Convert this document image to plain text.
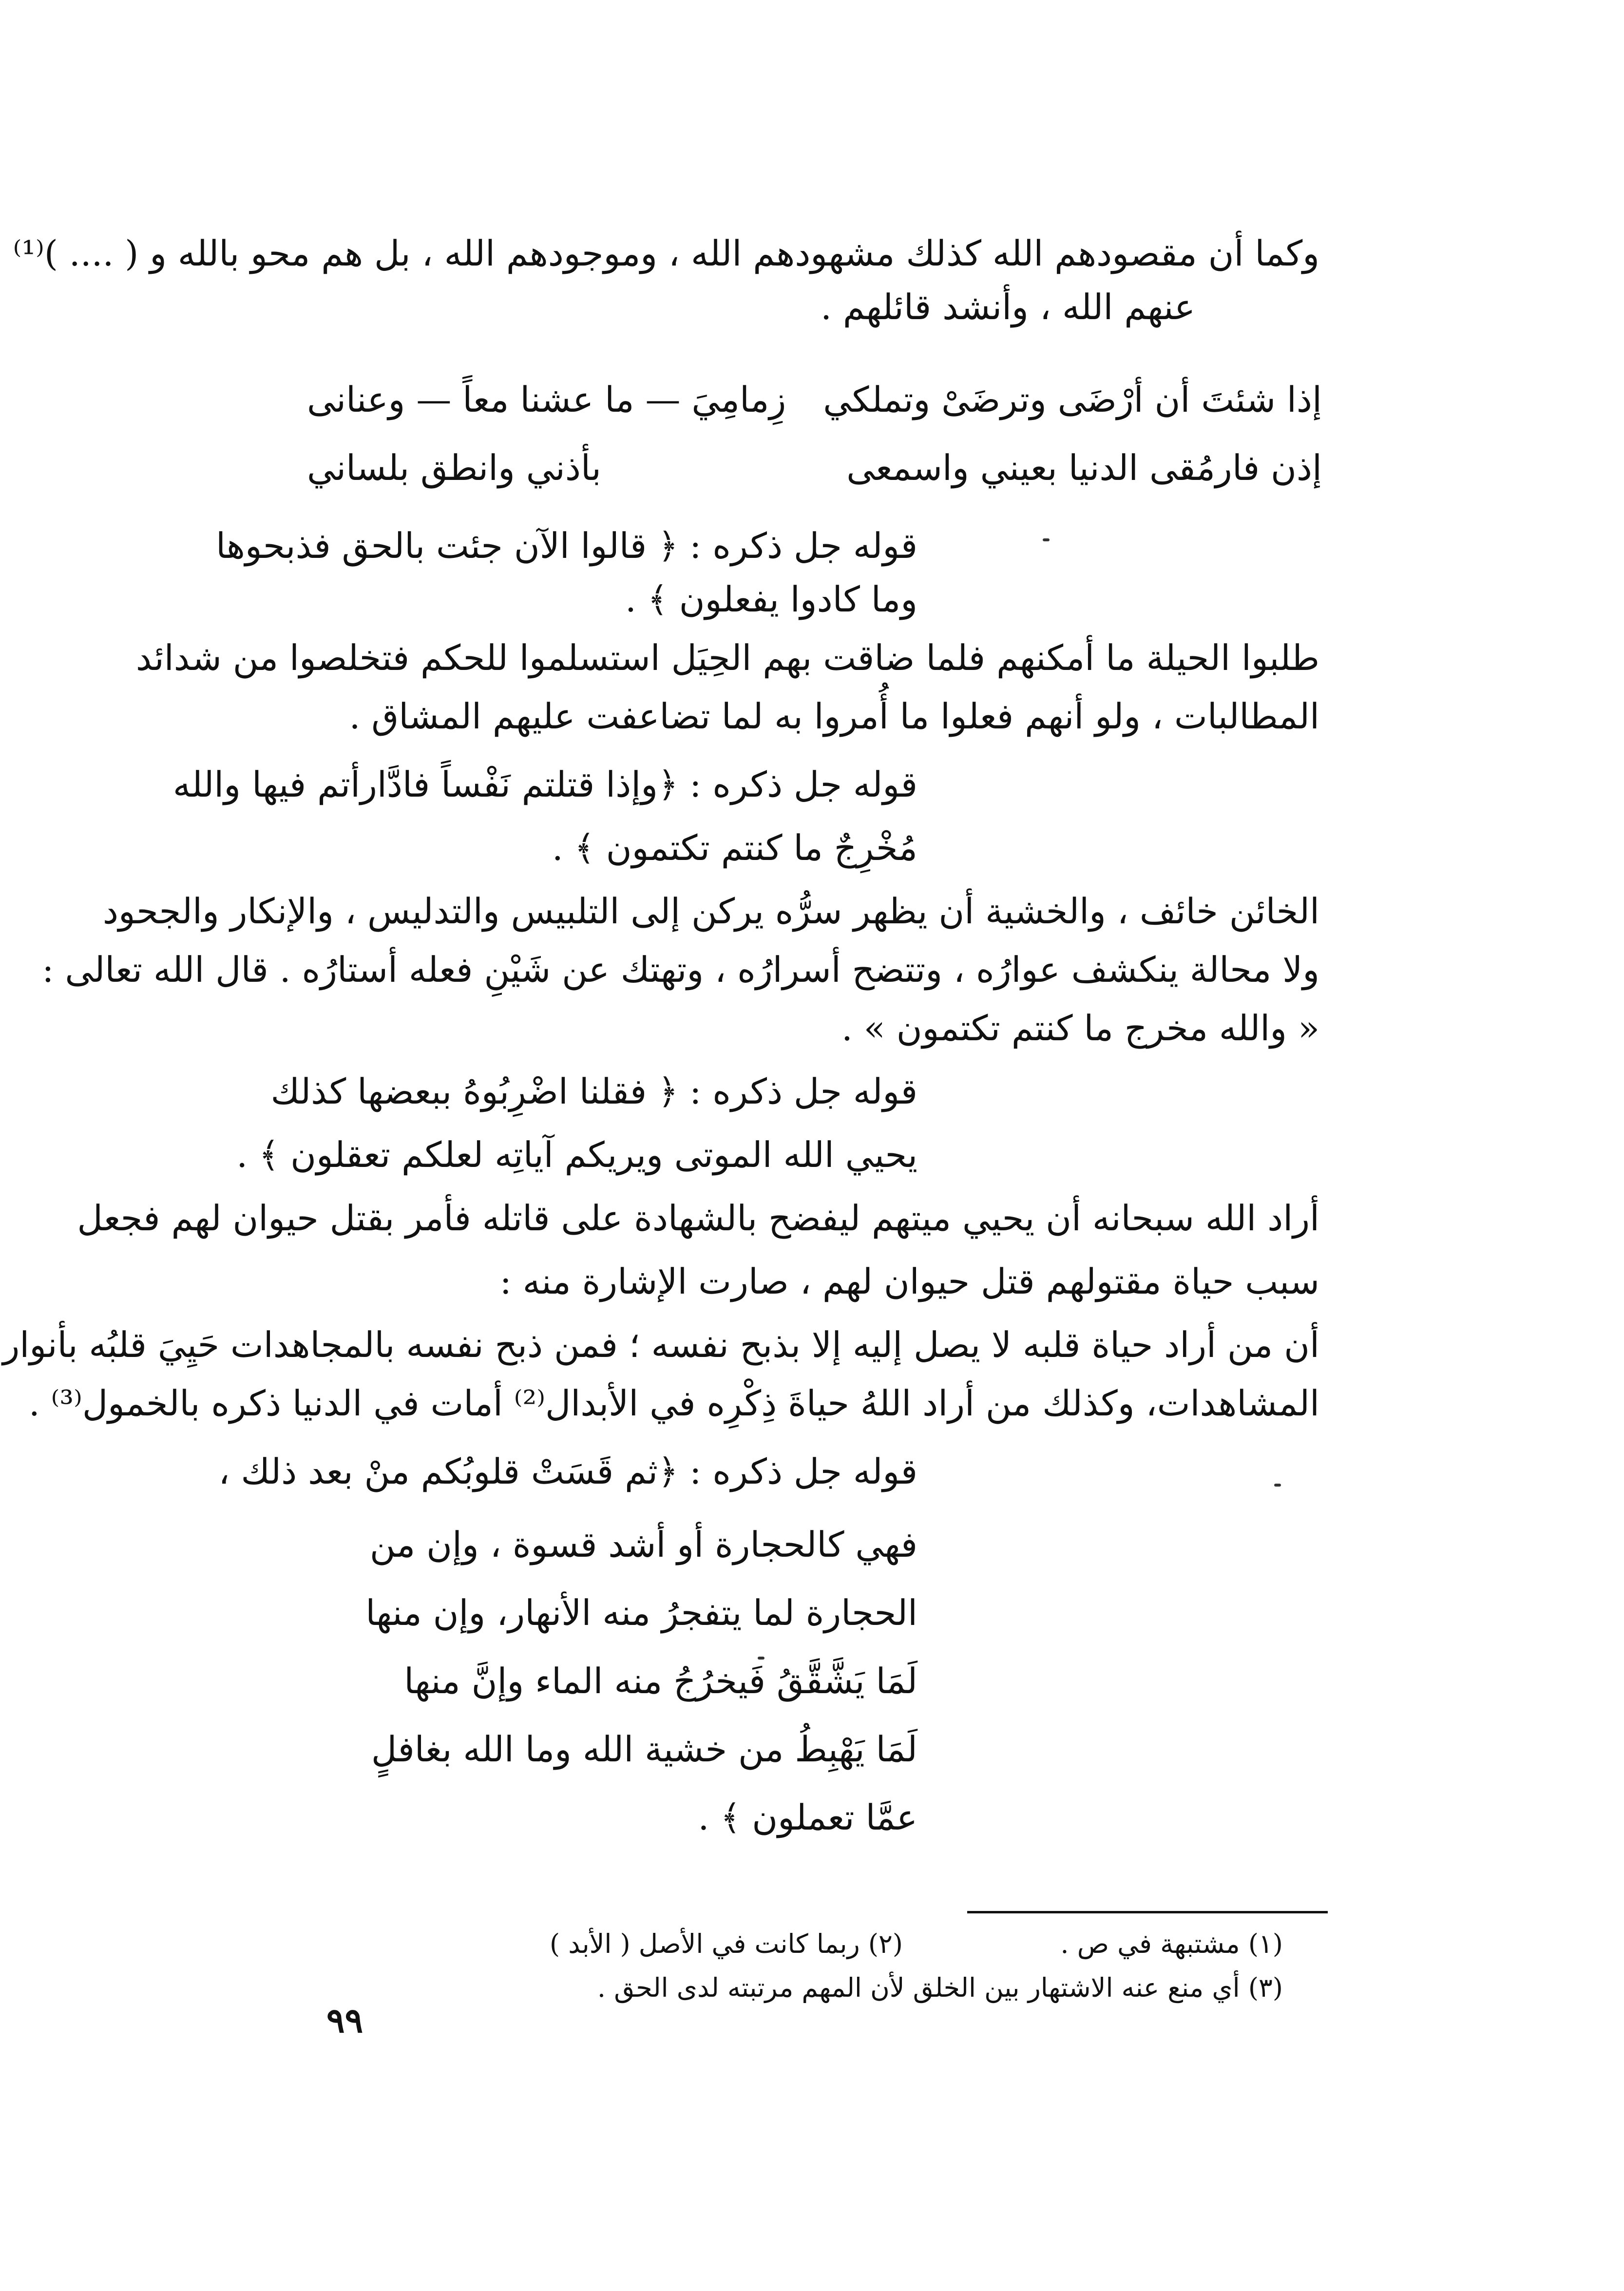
وكما أن مقصودهم الله كذلك مشهودهم الله ، وموجودهم الله ، بل هم محو بالله و ( .... )⁽¹⁾
عنهم الله ، وأنشد قائلهم .
إذا شئتَ أن أرْضَى وترضَىْ وتملكي
زِمامِيَ — ما عشنا معاً — وعنانى
إذن فارمُقى الدنيا بعيني واسمعى
بأذني وانطق بلساني
قوله جل ذكره : ﴿ قالوا الآن جئت بالحق فذبحوها
وما كادوا يفعلون ﴾ .
طلبوا الحيلة ما أمكنهم فلما ضاقت بهم الحِيَل استسلموا للحكم فتخلصوا من شدائد
المطالبات ، ولو أنهم فعلوا ما أُمروا به لما تضاعفت عليهم المشاق .
قوله جل ذكره : ﴿وإذا قتلتم نَفْساً فادَّارأتم فيها والله
مُخْرِجٌ ما كنتم تكتمون ﴾ .
الخائن خائف ، والخشية أن يظهر سرُّه يركن إلى التلبيس والتدليس ، والإنكار والجحود
ولا محالة ينكشف عوارُه ، وتتضح أسرارُه ، وتهتك عن شَيْنِ فعله أستارُه . قال الله تعالى :
« والله مخرج ما كنتم تكتمون » .
قوله جل ذكره : ﴿ فقلنا اضْرِبُوهُ ببعضها كذلك
يحيي الله الموتى ويريكم آياتِه لعلكم تعقلون ﴾ .
أراد الله سبحانه أن يحيي ميتهم ليفضح بالشهادة على قاتله فأمر بقتل حيوان لهم فجعل
سبب حياة مقتولهم قتل حيوان لهم ، صارت الإشارة منه :
أن من أراد حياة قلبه لا يصل إليه إلا بذبح نفسه ؛ فمن ذبح نفسه بالمجاهدات حَيِيَ قلبُه بأنوار
المشاهدات، وكذلك من أراد اللهُ حياةَ ذِكْرِه في الأبدال⁽²⁾ أمات في الدنيا ذكره بالخمول⁽³⁾ .
قوله جل ذكره : ﴿ثم قَسَتْ قلوبُكم منْ بعد ذلك ،
فهي كالحجارة أو أشد قسوة ، وإن من
الحجارة لما يتفجرُ منه الأنهار، وإن منها
لَمَا يَشَّقَّقُ فَيخرُجُ منه الماء وإنَّ منها
لَمَا يَهْبِطُ من خشية الله وما الله بغافلٍ
عمَّا تعملون ﴾ .
(١) مشتبهة في ص .
(٢) ربما كانت في الأصل ( الأبد )
(٣) أي منع عنه الاشتهار بين الخلق لأن المهم مرتبته لدى الحق .
٩٩
